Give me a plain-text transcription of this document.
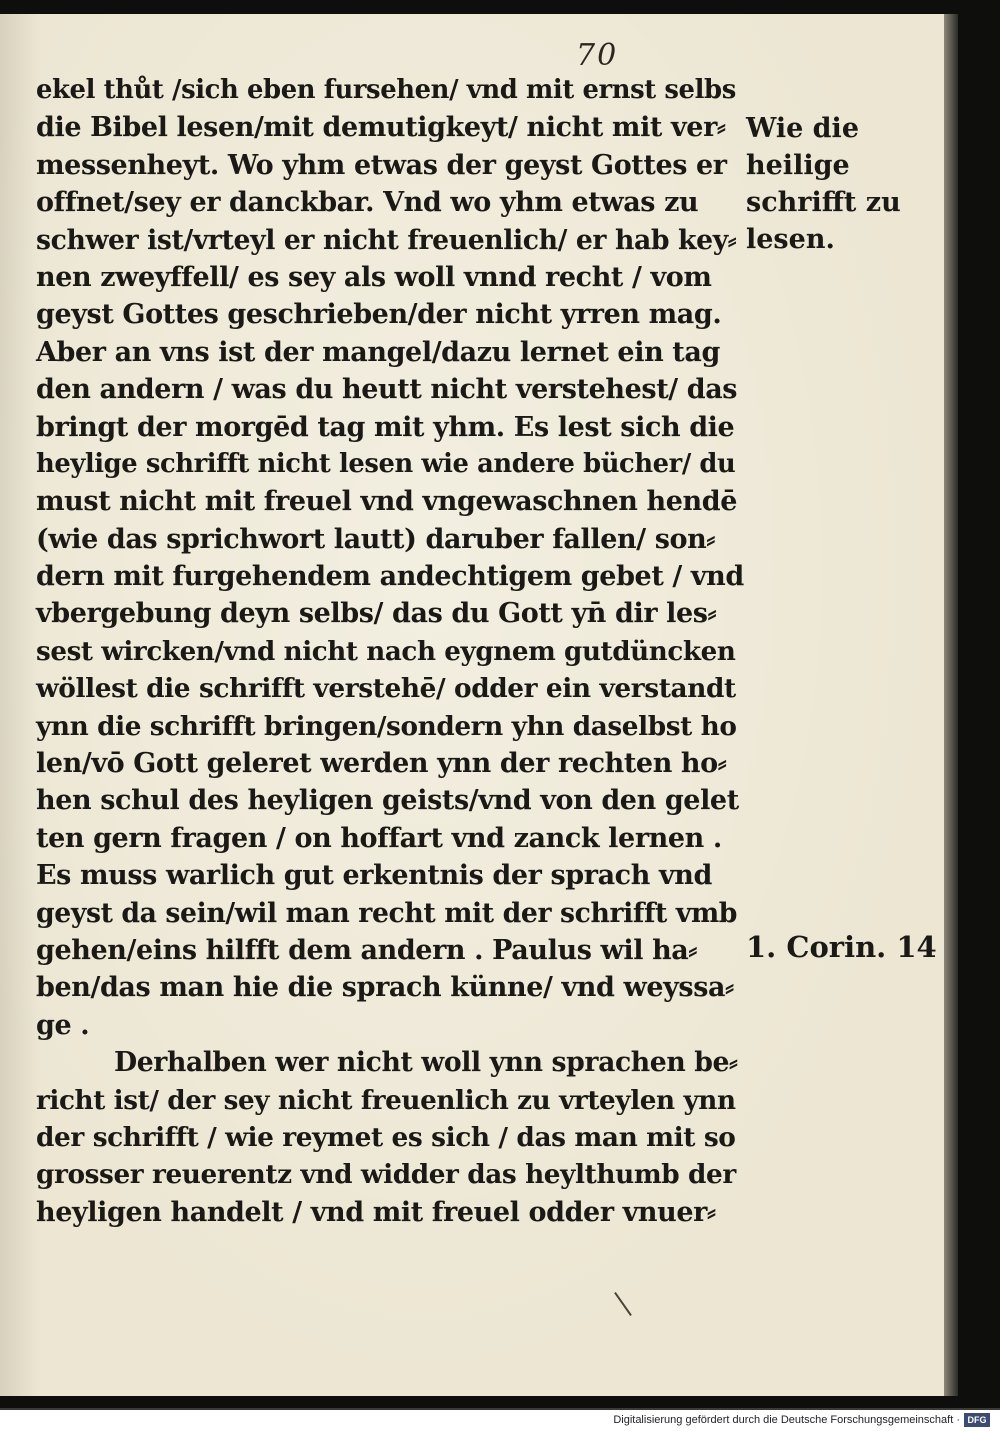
70
ekel thůt /sich eben fursehen/ vnd mit ernst selbs
die Bibel lesen/mit demutigkeyt/ nicht mit ver⸗
messenheyt. Wo yhm etwas der geyst Gottes er
offnet/sey er danckbar. Vnd wo yhm etwas zu
schwer ist/vrteyl er nicht freuenlich/ er hab key⸗
nen zweyffell/ es sey als woll vnnd recht / vom
geyst Gottes geschrieben/der nicht yrren mag.
Aber an vns ist der mangel/dazu lernet ein tag
den andern / was du heutt nicht verstehest/ das
bringt der morgēd tag mit yhm. Es lest sich die
heylige schrifft nicht lesen wie andere bücher/ du
must nicht mit freuel vnd vngewaschnen hendē
(wie das sprichwort lautt) daruber fallen/ son⸗
dern mit furgehendem andechtigem gebet / vnd
vbergebung deyn selbs/ das du Gott yn̄ dir les⸗
sest wircken/vnd nicht nach eygnem gutdüncken
wöllest die schrifft verstehē/ odder ein verstandt
ynn die schrifft bringen/sondern yhn daselbst ho
len/vō Gott geleret werden ynn der rechten ho⸗
hen schul des heyligen geists/vnd von den gelet
ten gern fragen / on hoffart vnd zanck lernen .
Es muss warlich gut erkentnis der sprach vnd
geyst da sein/wil man recht mit der schrifft vmb
gehen/eins hilfft dem andern . Paulus wil ha⸗
ben/das man hie die sprach künne/ vnd weyssa⸗
ge .
Derhalben wer nicht woll ynn sprachen be⸗
richt ist/ der sey nicht freuenlich zu vrteylen ynn
der schrifft / wie reymet es sich / das man mit so
grosser reuerentz vnd widder das heylthumb der
heyligen handelt / vnd mit freuel odder vnuer⸗
Wie die
heilige
schrifft zu
lesen.
1. Corin. 14
Digitalisierung gefördert durch die Deutsche Forschungsgemeinschaft · DFG
